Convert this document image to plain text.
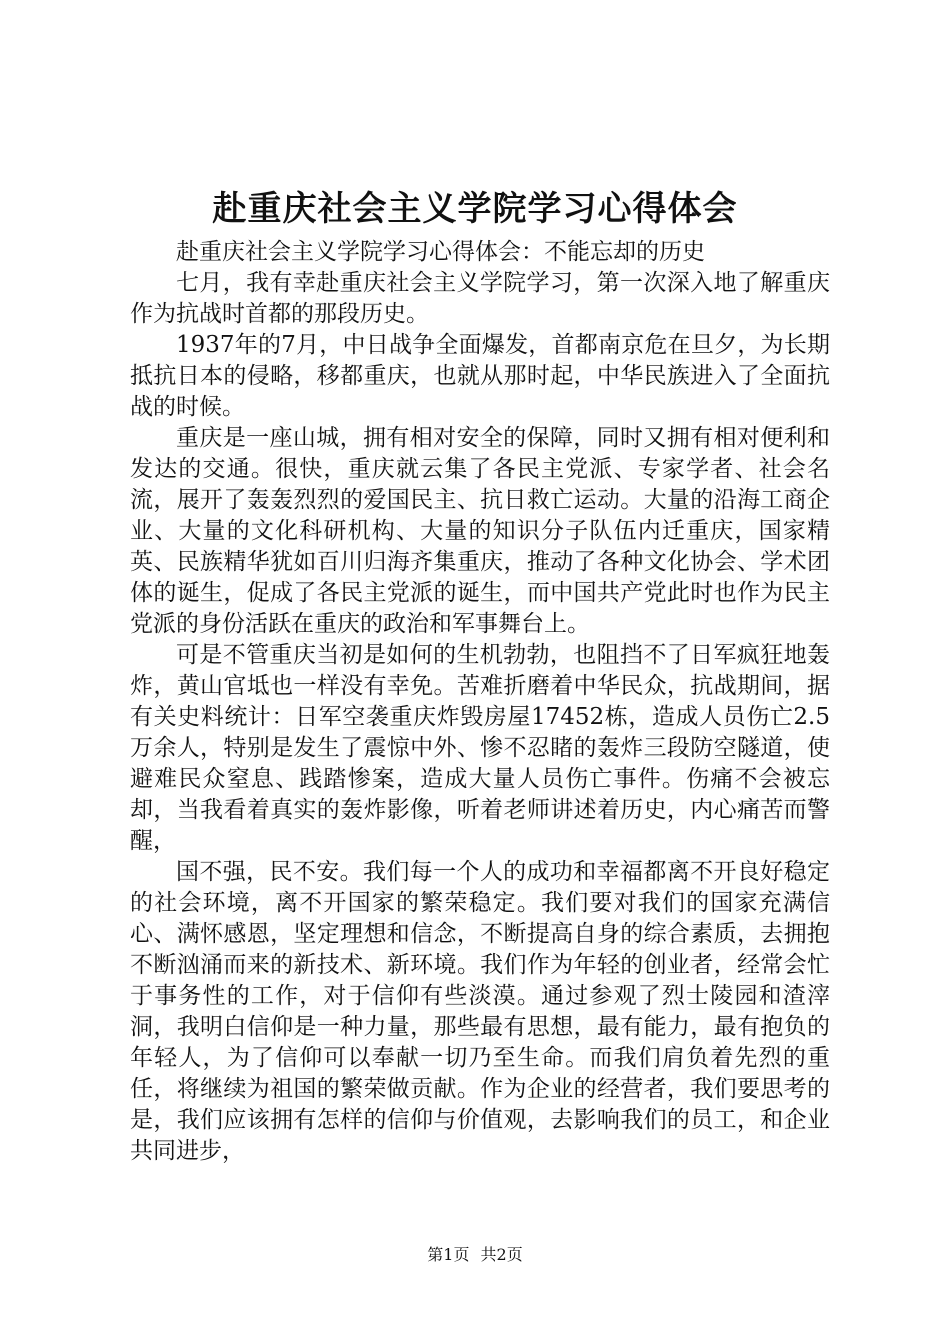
赴重庆社会主义学院学习心得体会

赴重庆社会主义学院学习心得体会：不能忘却的历史

七月，我有幸赴重庆社会主义学院学习，第一次深入地了解重庆作为抗战时首都的那段历史。

1937年的7月，中日战争全面爆发，首都南京危在旦夕，为长期抵抗日本的侵略，移都重庆，也就从那时起，中华民族进入了全面抗战的时候。

重庆是一座山城，拥有相对安全的保障，同时又拥有相对便利和发达的交通。很快，重庆就云集了各民主党派、专家学者、社会名流，展开了轰轰烈烈的爱国民主、抗日救亡运动。大量的沿海工商企业、大量的文化科研机构、大量的知识分子队伍内迁重庆，国家精英、民族精华犹如百川归海齐集重庆，推动了各种文化协会、学术团体的诞生，促成了各民主党派的诞生，而中国共产党此时也作为民主党派的身份活跃在重庆的政治和军事舞台上。

可是不管重庆当初是如何的生机勃勃，也阻挡不了日军疯狂地轰炸，黄山官坻也一样没有幸免。苦难折磨着中华民众，抗战期间，据有关史料统计：日军空袭重庆炸毁房屋17452栋，造成人员伤亡2.5万余人，特别是发生了震惊中外、惨不忍睹的轰炸三段防空隧道，使避难民众窒息、践踏惨案，造成大量人员伤亡事件。伤痛不会被忘却，当我看着真实的轰炸影像，听着老师讲述着历史，内心痛苦而警醒，

国不强，民不安。我们每一个人的成功和幸福都离不开良好稳定的社会环境，离不开国家的繁荣稳定。我们要对我们的国家充满信心、满怀感恩，坚定理想和信念，不断提高自身的综合素质，去拥抱不断汹涌而来的新技术、新环境。我们作为年轻的创业者，经常会忙于事务性的工作，对于信仰有些淡漠。通过参观了烈士陵园和渣滓洞，我明白信仰是一种力量，那些最有思想，最有能力，最有抱负的年轻人，为了信仰可以奉献一切乃至生命。而我们肩负着先烈的重任，将继续为祖国的繁荣做贡献。作为企业的经营者，我们要思考的是，我们应该拥有怎样的信仰与价值观，去影响我们的员工，和企业共同进步，

第1页 共2页
